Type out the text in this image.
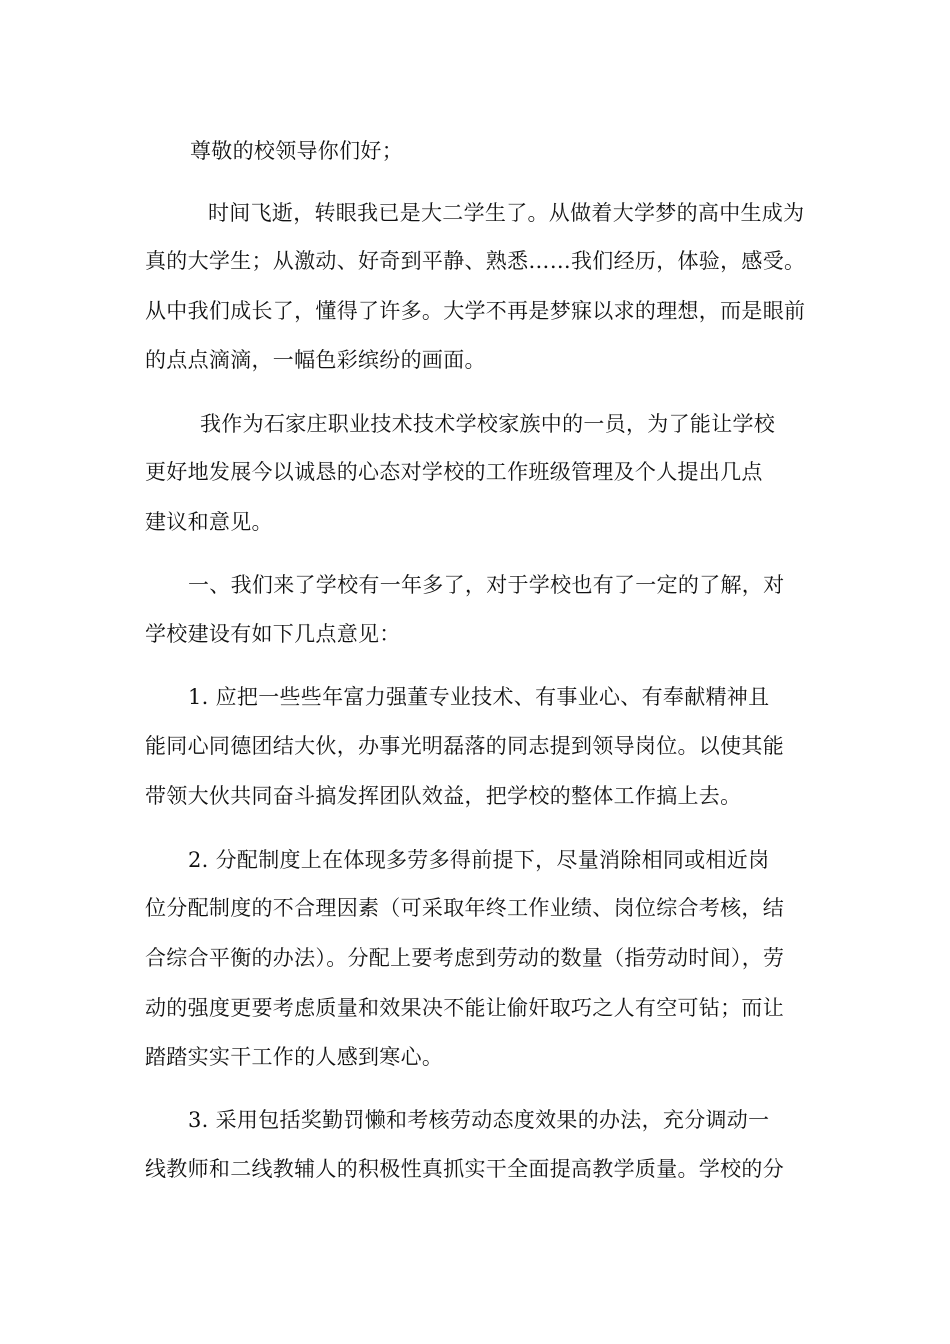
尊敬的校领导你们好；
时间飞逝，转眼我已是大二学生了。从做着大学梦的高中生成为
真的大学生；从激动、好奇到平静、熟悉……我们经历，体验，感受。
从中我们成长了，懂得了许多。大学不再是梦寐以求的理想，而是眼前
的点点滴滴，一幅色彩缤纷的画面。
我作为石家庄职业技术技术学校家族中的一员，为了能让学校
更好地发展今以诚恳的心态对学校的工作班级管理及个人提出几点
建议和意见。
一、我们来了学校有一年多了，对于学校也有了一定的了解，对
学校建设有如下几点意见：
1. 应把一些些年富力强董专业技术、有事业心、有奉献精神且
能同心同德团结大伙，办事光明磊落的同志提到领导岗位。以使其能
带领大伙共同奋斗搞发挥团队效益，把学校的整体工作搞上去。
2. 分配制度上在体现多劳多得前提下，尽量消除相同或相近岗
位分配制度的不合理因素（可采取年终工作业绩、岗位综合考核，结
合综合平衡的办法）。分配上要考虑到劳动的数量（指劳动时间），劳
动的强度更要考虑质量和效果决不能让偷奸取巧之人有空可钻；而让
踏踏实实干工作的人感到寒心。
3. 采用包括奖勤罚懒和考核劳动态度效果的办法，充分调动一
线教师和二线教辅人的积极性真抓实干全面提高教学质量。学校的分
